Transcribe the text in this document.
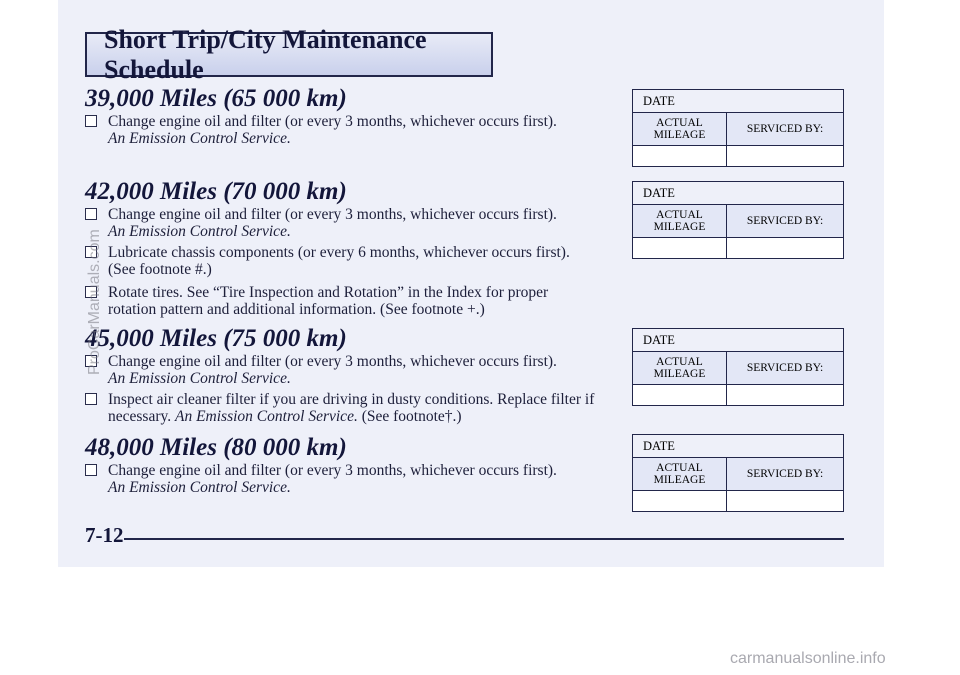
Short Trip/City Maintenance Schedule
39,000 Miles (65 000 km)
Change engine oil and filter (or every 3 months, whichever occurs first).
An Emission Control Service.
42,000 Miles (70 000 km)
Change engine oil and filter (or every 3 months, whichever occurs first).
An Emission Control Service.
Lubricate chassis components (or every 6 months, whichever occurs first).
(See footnote #.)
Rotate tires. See “Tire Inspection and Rotation” in the Index for proper
rotation pattern and additional information. (See footnote +.)
45,000 Miles (75 000 km)
Change engine oil and filter (or every 3 months, whichever occurs first).
An Emission Control Service.
Inspect air cleaner filter if you are driving in dusty conditions. Replace filter if
necessary. An Emission Control Service. (See footnote†.)
48,000 Miles (80 000 km)
Change engine oil and filter (or every 3 months, whichever occurs first).
An Emission Control Service.
DATE
ACTUAL
MILEAGE	SERVICED BY:
DATE
ACTUAL
MILEAGE	SERVICED BY:
DATE
ACTUAL
MILEAGE	SERVICED BY:
DATE
ACTUAL
MILEAGE	SERVICED BY:
7-12
ProCarManuals.com
carmanualsonline.info
